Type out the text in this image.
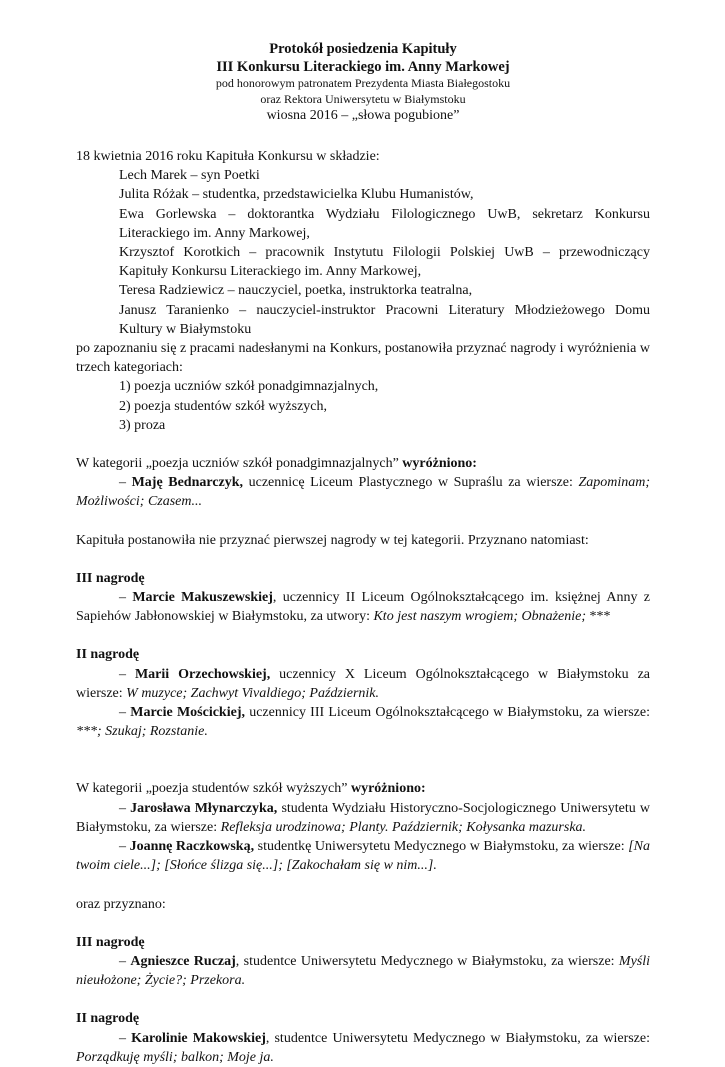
Protokół posiedzenia Kapituły

III Konkursu Literackiego im. Anny Markowej

pod honorowym patronatem Prezydenta Miasta Białegostoku

oraz Rektora Uniwersytetu w Białymstoku

wiosna 2016 – „słowa pogubione”

18 kwietnia 2016 roku Kapituła Konkursu w składzie:

Lech Marek – syn Poetki

Julita Różak – studentka, przedstawicielka Klubu Humanistów,

Ewa Gorlewska – doktorantka Wydziału Filologicznego UwB, sekretarz Konkursu Literackiego im. Anny Markowej,

Krzysztof Korotkich – pracownik Instytutu Filologii Polskiej UwB – przewodniczący Kapituły Konkursu Literackiego im. Anny Markowej,

Teresa Radziewicz – nauczyciel, poetka, instruktorka teatralna,

Janusz Taranienko – nauczyciel-instruktor Pracowni Literatury Młodzieżowego Domu Kultury w Białymstoku

po zapoznaniu się z pracami nadesłanymi na Konkurs, postanowiła przyznać nagrody i wyróżnienia w trzech kategoriach:

1) poezja uczniów szkół ponadgimnazjalnych,

2) poezja studentów szkół wyższych,

3) proza

W kategorii „poezja uczniów szkół ponadgimnazjalnych” wyróżniono:

– Maję Bednarczyk, uczennicę Liceum Plastycznego w Supraślu za wiersze: Zapominam; Możliwości; Czasem...

Kapituła postanowiła nie przyznać pierwszej nagrody w tej kategorii. Przyznano natomiast:

III nagrodę

– Marcie Makuszewskiej, uczennicy II Liceum Ogólnokształcącego im. księżnej Anny z Sapiehów Jabłonowskiej w Białymstoku, za utwory: Kto jest naszym wrogiem; Obnażenie; ***

II nagrodę

– Marii Orzechowskiej, uczennicy X Liceum Ogólnokształcącego w Białymstoku za wiersze: W muzyce; Zachwyt Vivaldiego; Październik.

– Marcie Mościckiej, uczennicy III Liceum Ogólnokształcącego w Białymstoku, za wiersze: ***; Szukaj; Rozstanie.

W kategorii „poezja studentów szkół wyższych” wyróżniono:

– Jarosława Młynarczyka, studenta Wydziału Historyczno-Socjologicznego Uniwersytetu w Białymstoku, za wiersze: Refleksja urodzinowa; Planty. Październik; Kołysanka mazurska.

– Joannę Raczkowską, studentkę Uniwersytetu Medycznego w Białymstoku, za wiersze: [Na twoim ciele...]; [Słońce ślizga się...]; [Zakochałam się w nim...].

oraz przyznano:

III nagrodę

– Agnieszce Ruczaj, studentce Uniwersytetu Medycznego w Białymstoku, za wiersze: Myśli nieułożone; Życie?; Przekora.

II nagrodę

– Karolinie Makowskiej, studentce Uniwersytetu Medycznego w Białymstoku, za wiersze: Porządkuję myśli; balkon; Moje ja.
